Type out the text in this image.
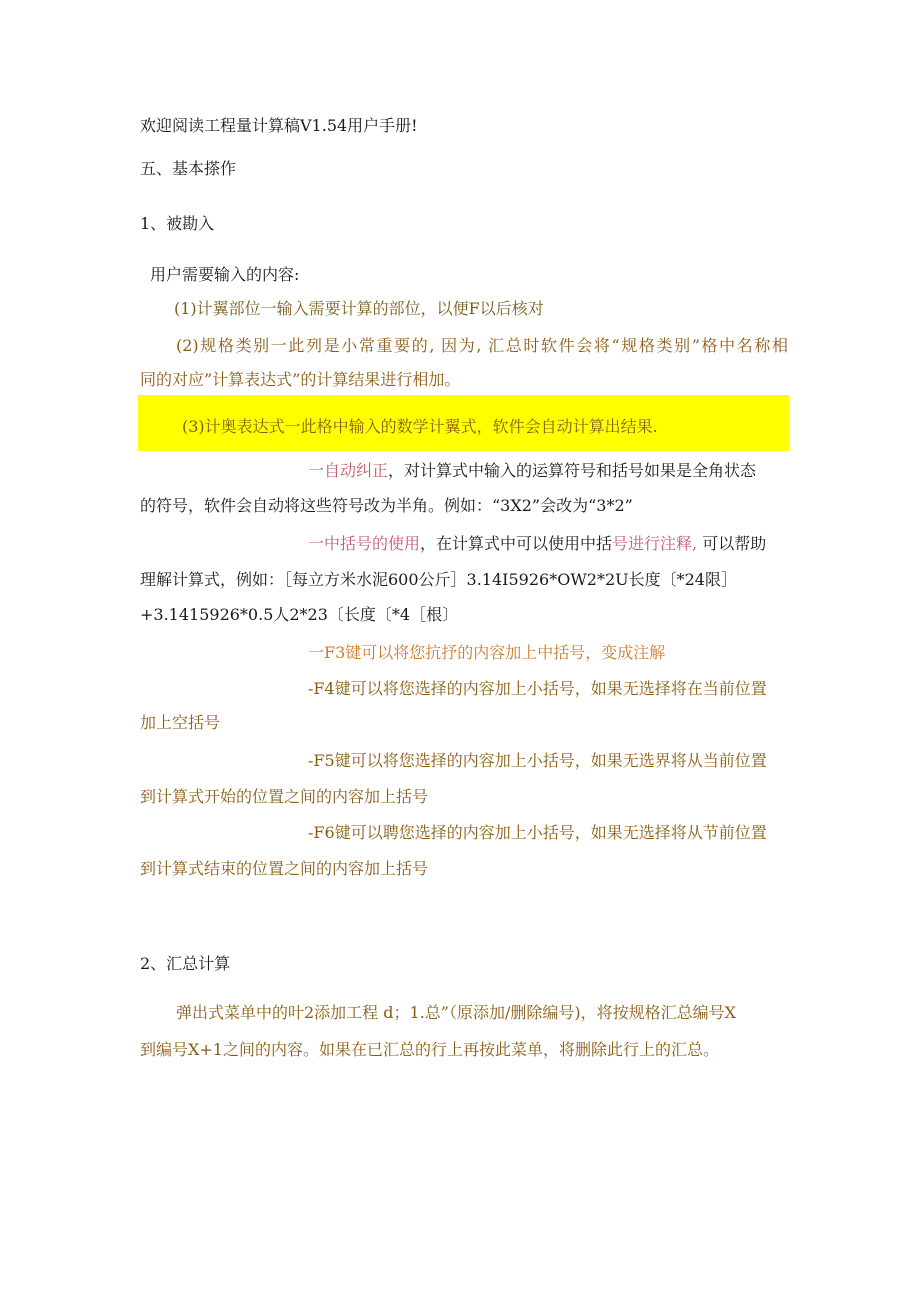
欢迎阅读工程量计算稿V1.54用户手册!
五、基本搽作
1、被勘入
用户需要输入的内容:
(1)计翼部位一输入需要计算的部位，以便F以后核对
(2)规格类别一此列是小常重要的, 因为, 汇总时软件会将“规格类别”格中名称相
同的对应”计算表达式”的计算结果进行相加。
(3)计奥表达式一此格中输入的数学计翼式，软件会自动计算出结果.
一自动纠正，对计算式中输入的运算符号和括号如果是全角状态
的符号，软件会自动将这些符号改为半角。例如：“3X2”会改为“3*2”
一中括号的使用，在计算式中可以使用中括号进行注释, 可以帮助
理解计算式，例如：［每立方米水泥600公斤］3.14I5926*OW2*2U长度〔*24限］
+3.1415926*0.5人2*23〔长度〔*4［根〕
一F3键可以将您抗抒的内容加上中括号，变成注解
-F4键可以将您选择的内容加上小括号，如果无选择将在当前位置
加上空括号
-F5键可以将您选择的内容加上小括号，如果无选界将从当前位置
到计算式开始的位置之间的内容加上括号
-F6键可以聘您选择的内容加上小括号，如果无选择将从节前位置
到计算式结束的位置之间的内容加上括号
2、汇总计算
弹出式菜单中的叶2添加工程 d；1.总”（原添加/删除编号)，将按规格汇总编号X
到编号X+1之间的内容。如果在已汇总的行上再按此菜单，将删除此行上的汇总。
